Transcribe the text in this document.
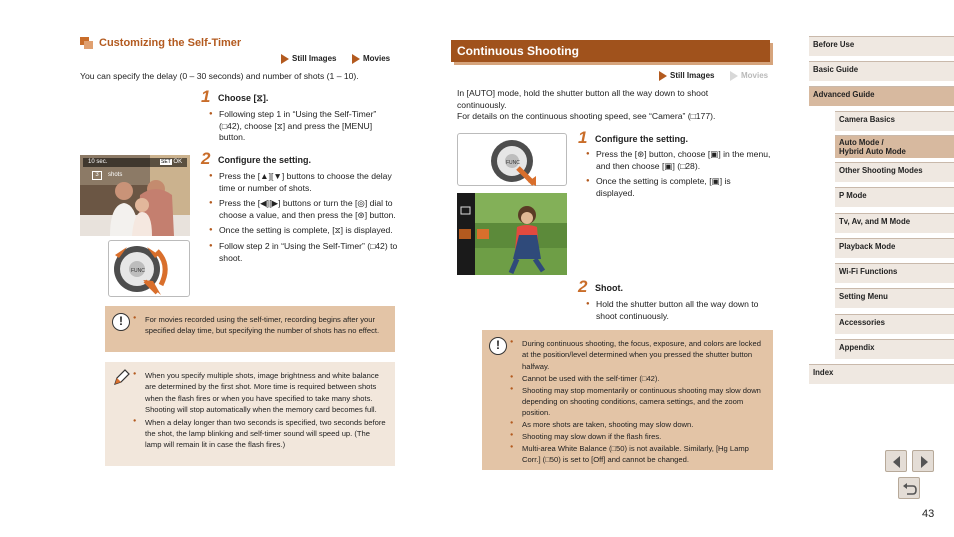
Customizing the Self-Timer
Still Images	Movies
You can specify the delay (0 – 30 seconds) and number of shots (1 – 10).
10 sec.	SET OK
3	shots
FUNC
1 Choose [⧖].
● Following step 1 in “Using the Self-Timer” (□42), choose [⧖] and press the [MENU] button.
2 Configure the setting.
● Press the [▲][▼] buttons to choose the delay time or number of shots.
● Press the [◀][▶] buttons or turn the [◎] dial to choose a value, and then press the [⊛] button.
● Once the setting is complete, [⧖] is displayed.
● Follow step 2 in “Using the Self-Timer” (□42) to shoot.
!	● For movies recorded using the self-timer, recording begins after your specified delay time, but specifying the number of shots has no effect.
● When you specify multiple shots, image brightness and white balance are determined by the first shot. More time is required between shots when the flash fires or when you have specified to take many shots. Shooting will stop automatically when the memory card becomes full.
● When a delay longer than two seconds is specified, two seconds before the shot, the lamp blinking and self-timer sound will speed up. (The lamp will remain lit in case the flash fires.)
Continuous Shooting
Still Images	Movies
In [AUTO] mode, hold the shutter button all the way down to shoot continuously.
For details on the continuous shooting speed, see “Camera” (□177).
FUNC
1 Configure the setting.
● Press the [⊛] button, choose [▣] in the menu, and then choose [▣] (□28).
● Once the setting is complete, [▣] is displayed.
2 Shoot.
● Hold the shutter button all the way down to shoot continuously.
!	● During continuous shooting, the focus, exposure, and colors are locked at the position/level determined when you pressed the shutter button halfway.
● Cannot be used with the self-timer (□42).
● Shooting may stop momentarily or continuous shooting may slow down depending on shooting conditions, camera settings, and the zoom position.
● As more shots are taken, shooting may slow down.
● Shooting may slow down if the flash fires.
● Multi-area White Balance (□50) is not available. Similarly, [Hg Lamp Corr.] (□50) is set to [Off] and cannot be changed.
Before Use
Basic Guide
Advanced Guide
Camera Basics
Auto Mode /
Hybrid Auto Mode
Other Shooting Modes
P Mode
Tv, Av, and M Mode
Playback Mode
Wi-Fi Functions
Setting Menu
Accessories
Appendix
Index
43
